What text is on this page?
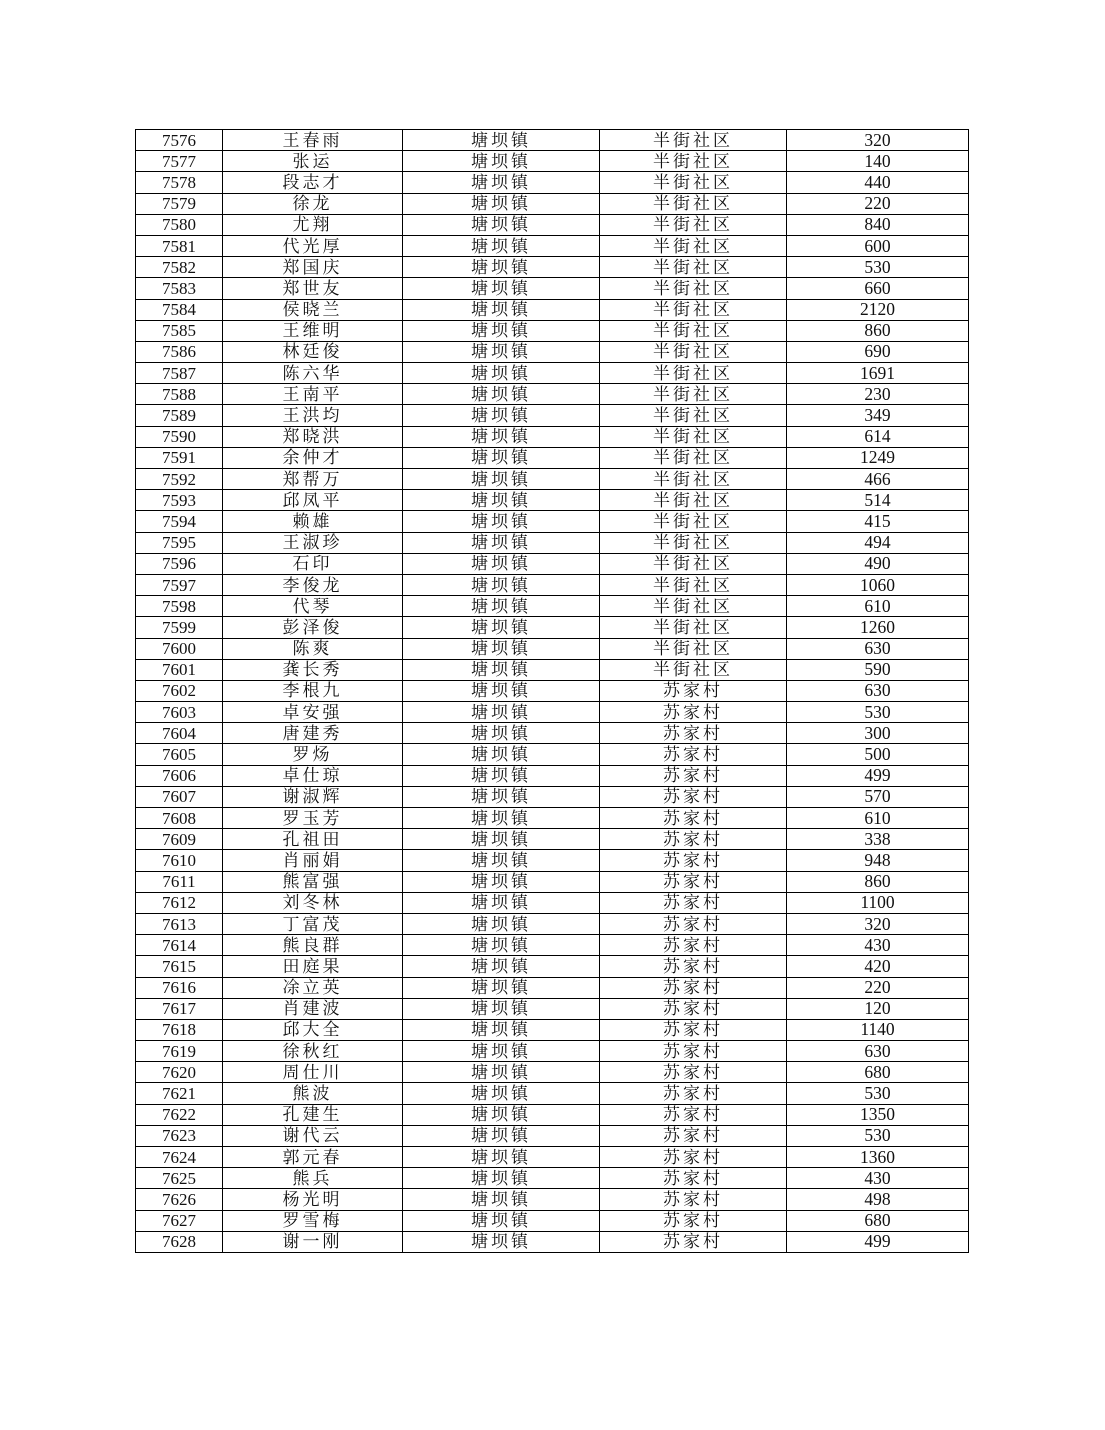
7576	王春雨	塘坝镇	半街社区	320
7577	张运	塘坝镇	半街社区	140
7578	段志才	塘坝镇	半街社区	440
7579	徐龙	塘坝镇	半街社区	220
7580	尤翔	塘坝镇	半街社区	840
7581	代光厚	塘坝镇	半街社区	600
7582	郑国庆	塘坝镇	半街社区	530
7583	郑世友	塘坝镇	半街社区	660
7584	侯晓兰	塘坝镇	半街社区	2120
7585	王维明	塘坝镇	半街社区	860
7586	林廷俊	塘坝镇	半街社区	690
7587	陈六华	塘坝镇	半街社区	1691
7588	王南平	塘坝镇	半街社区	230
7589	王洪均	塘坝镇	半街社区	349
7590	郑晓洪	塘坝镇	半街社区	614
7591	余仲才	塘坝镇	半街社区	1249
7592	郑帮万	塘坝镇	半街社区	466
7593	邱凤平	塘坝镇	半街社区	514
7594	赖雄	塘坝镇	半街社区	415
7595	王淑珍	塘坝镇	半街社区	494
7596	石印	塘坝镇	半街社区	490
7597	李俊龙	塘坝镇	半街社区	1060
7598	代琴	塘坝镇	半街社区	610
7599	彭泽俊	塘坝镇	半街社区	1260
7600	陈爽	塘坝镇	半街社区	630
7601	龚长秀	塘坝镇	半街社区	590
7602	李根九	塘坝镇	苏家村	630
7603	卓安强	塘坝镇	苏家村	530
7604	唐建秀	塘坝镇	苏家村	300
7605	罗炀	塘坝镇	苏家村	500
7606	卓仕琼	塘坝镇	苏家村	499
7607	谢淑辉	塘坝镇	苏家村	570
7608	罗玉芳	塘坝镇	苏家村	610
7609	孔祖田	塘坝镇	苏家村	338
7610	肖丽娟	塘坝镇	苏家村	948
7611	熊富强	塘坝镇	苏家村	860
7612	刘冬林	塘坝镇	苏家村	1100
7613	丁富茂	塘坝镇	苏家村	320
7614	熊良群	塘坝镇	苏家村	430
7615	田庭果	塘坝镇	苏家村	420
7616	凃立英	塘坝镇	苏家村	220
7617	肖建波	塘坝镇	苏家村	120
7618	邱大全	塘坝镇	苏家村	1140
7619	徐秋红	塘坝镇	苏家村	630
7620	周仕川	塘坝镇	苏家村	680
7621	熊波	塘坝镇	苏家村	530
7622	孔建生	塘坝镇	苏家村	1350
7623	谢代云	塘坝镇	苏家村	530
7624	郭元春	塘坝镇	苏家村	1360
7625	熊兵	塘坝镇	苏家村	430
7626	杨光明	塘坝镇	苏家村	498
7627	罗雪梅	塘坝镇	苏家村	680
7628	谢一刚	塘坝镇	苏家村	499
